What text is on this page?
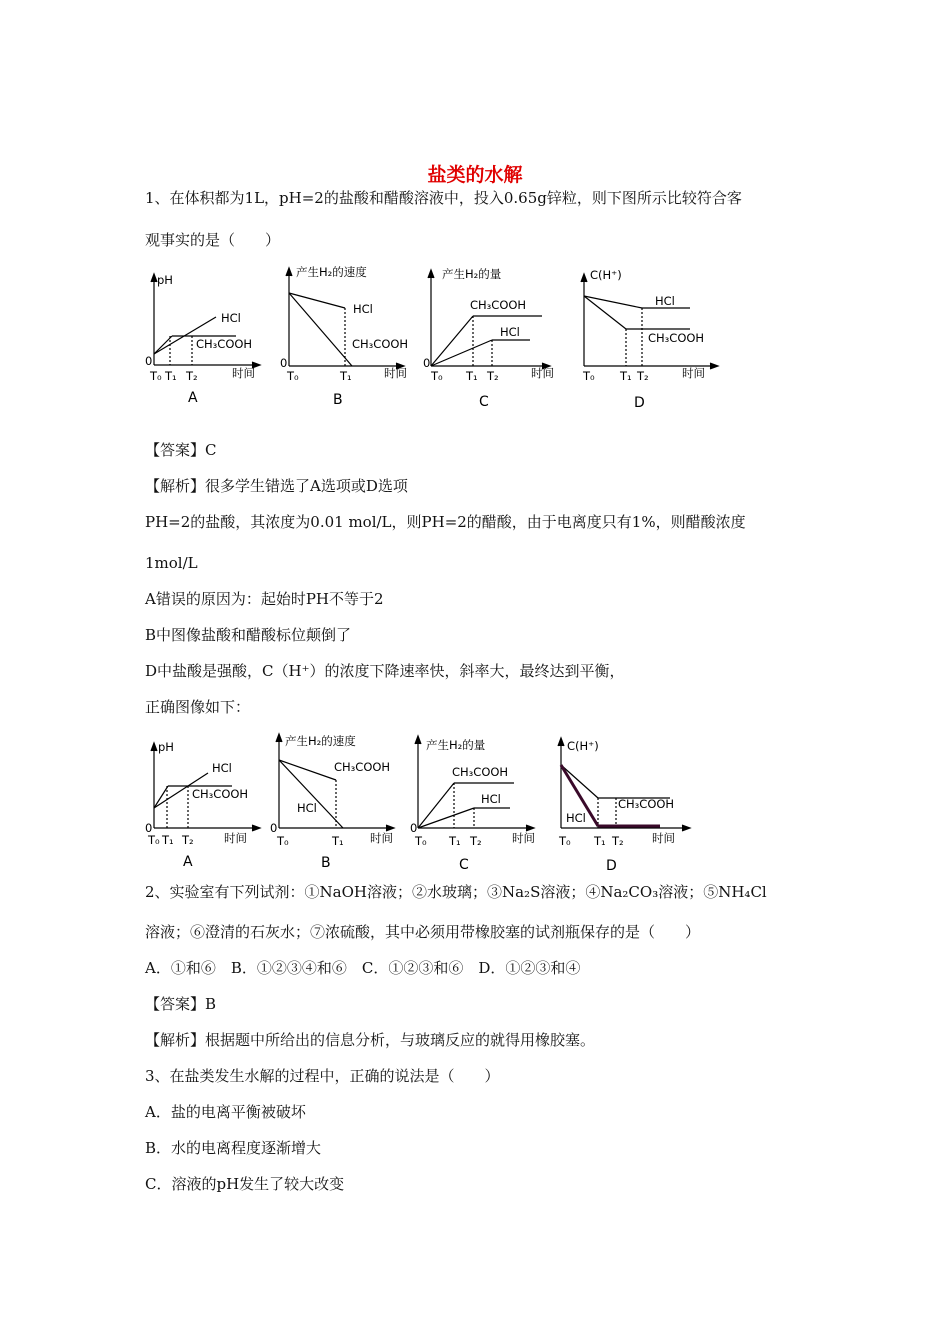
盐类的水解
1、在体积都为1L，pH=2的盐酸和醋酸溶液中，投入0.65g锌粒，则下图所示比较符合客
观事实的是（　　）
pH
HCl
CH₃COOH
0
T₀ T₁ T₂	时间
A
产生H₂的速度
HCl
CH₃COOH
0
T₀	T₁	时间
B
产生H₂的量
CH₃COOH
HCl
0
T₀ T₁ T₂	时间
C
C(H⁺)
HCl
CH₃COOH
T₀ T₁ T₂	时间
D
【答案】C
【解析】很多学生错选了A选项或D选项
PH=2的盐酸，其浓度为0.01 mol/L，则PH=2的醋酸，由于电离度只有1%，则醋酸浓度
1mol/L
A错误的原因为：起始时PH不等于2
B中图像盐酸和醋酸标位颠倒了
D中盐酸是强酸，C（H⁺）的浓度下降速率快，斜率大，最终达到平衡，
正确图像如下：
pH
HCl
CH₃COOH
0
T₀ T₁ T₂	时间
A
产生H₂的速度
CH₃COOH
HCl
0
T₀	T₁ 时间
B
产生H₂的量
CH₃COOH
HCl
0
T₀ T₁ T₂	时间
C
C(H⁺)
CH₃COOH
HCl
T₀ T₁ T₂ 时间
D
2、实验室有下列试剂：①NaOH溶液；②水玻璃；③Na₂S溶液；④Na₂CO₃溶液；⑤NH₄Cl
溶液；⑥澄清的石灰水；⑦浓硫酸，其中必须用带橡胶塞的试剂瓶保存的是（　　）
A．①和⑥　B．①②③④和⑥　C．①②③和⑥　D．①②③和④
【答案】B
【解析】根据题中所给出的信息分析，与玻璃反应的就得用橡胶塞。
3、在盐类发生水解的过程中，正确的说法是（　　）
A．盐的电离平衡被破坏
B．水的电离程度逐渐增大
C．溶液的pH发生了较大改变
